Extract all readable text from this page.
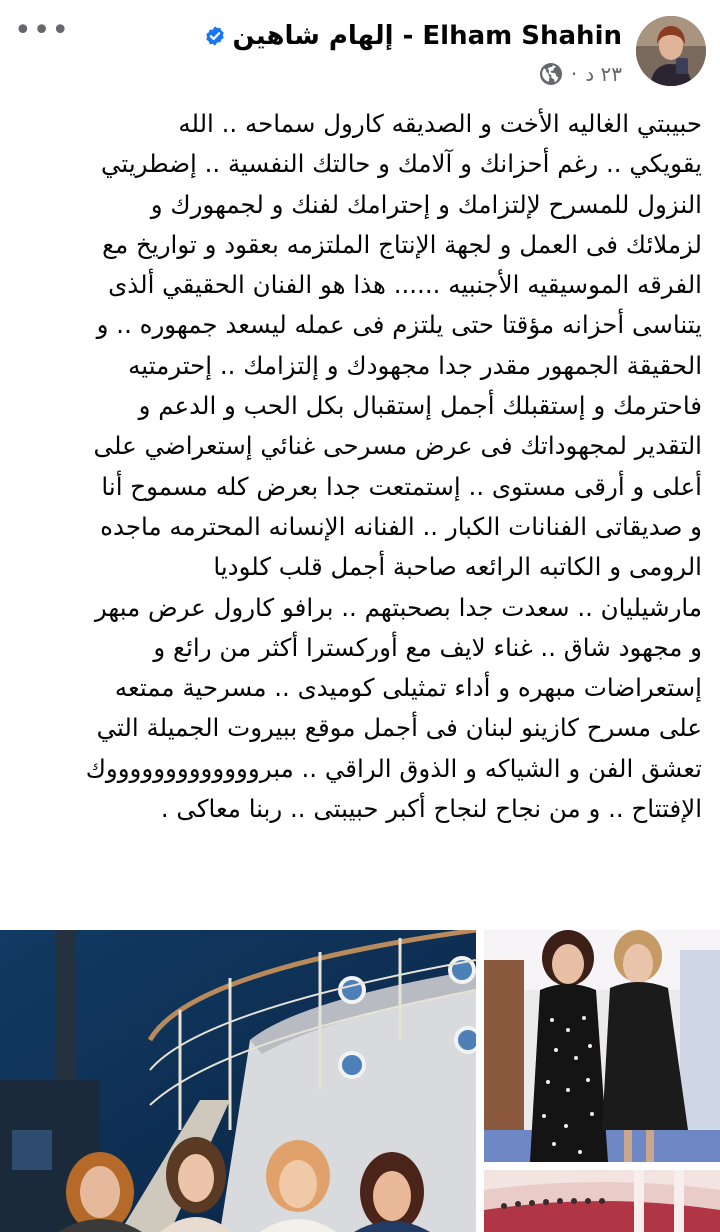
•••	إلهام شاهين - Elham Shahin
· ٢٣ د
حبيبتي الغاليه الأخت و الصديقه كارول سماحه .. الله
يقويكي .. رغم أحزانك و آلامك و حالتك النفسية .. إضطريتي
النزول للمسرح لإلتزامك و إحترامك لفنك و لجمهورك و
لزملائك فى العمل و لجهة الإنتاج الملتزمه بعقود و تواريخ مع
الفرقه الموسيقيه الأجنبيه ...... هذا هو الفنان الحقيقي ألذى
يتناسى أحزانه مؤقتا حتى يلتزم فى عمله ليسعد جمهوره .. و
الحقيقة الجمهور مقدر جدا مجهودك و إلتزامك .. إحترمتيه
فاحترمك و إستقبلك أجمل إستقبال بكل الحب و الدعم و
التقدير لمجهوداتك فى عرض مسرحى غنائي إستعراضي على
أعلى و أرقى مستوى .. إستمتعت جدا بعرض كله مسموح أنا
و صديقاتى الفنانات الكبار .. الفنانه الإنسانه المحترمه ماجده
الرومى و الكاتبه الرائعه صاحبة أجمل قلب كلوديا
مارشيليان .. سعدت جدا بصحبتهم .. برافو كارول عرض مبهر
و مجهود شاق .. غناء لايف مع أوركسترا أكثر من رائع و
إستعراضات مبهره و أداء تمثيلى كوميدى .. مسرحية ممتعه
على مسرح كازينو لبنان فى أجمل موقع ببيروت الجميلة التي
تعشق الفن و الشياكه و الذوق الراقي .. مبروووووووووووووك
الإفتتاح .. و من نجاح لنجاح أكبر حبيبتى .. ربنا معاكى .
